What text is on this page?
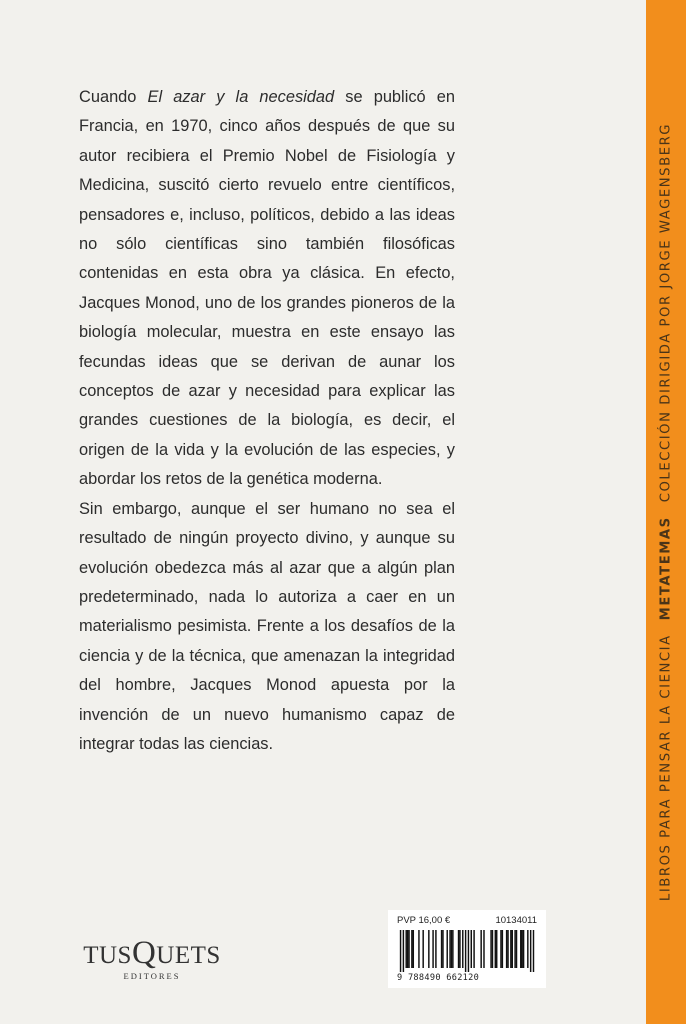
Cuando El azar y la necesidad se publicó en Francia, en 1970, cinco años después de que su autor recibiera el Premio Nobel de Fisiología y Medicina, suscitó cierto revuelo entre científicos, pensadores e, incluso, políticos, debido a las ideas no sólo científicas sino también filosóficas contenidas en esta obra ya clásica. En efecto, Jacques Monod, uno de los grandes pioneros de la biología molecular, muestra en este ensayo las fecundas ideas que se derivan de aunar los conceptos de azar y necesidad para explicar las grandes cuestiones de la biología, es decir, el origen de la vida y la evolución de las especies, y abordar los retos de la genética moderna.

Sin embargo, aunque el ser humano no sea el resultado de ningún proyecto divino, y aunque su evolución obedezca más al azar que a algún plan predeterminado, nada lo autoriza a caer en un materialismo pesimista. Frente a los desafíos de la ciencia y de la técnica, que amenazan la integridad del hombre, Jacques Monod apuesta por la invención de un nuevo humanismo capaz de integrar todas las ciencias.

TUSQUETS
EDITORES
PVP 16,00 €	10134011
9 788490 662120
LIBROS PARA PENSAR LA CIENCIAMETATEMASCOLECCIÓN DIRIGIDA POR JORGE WAGENSBERG
